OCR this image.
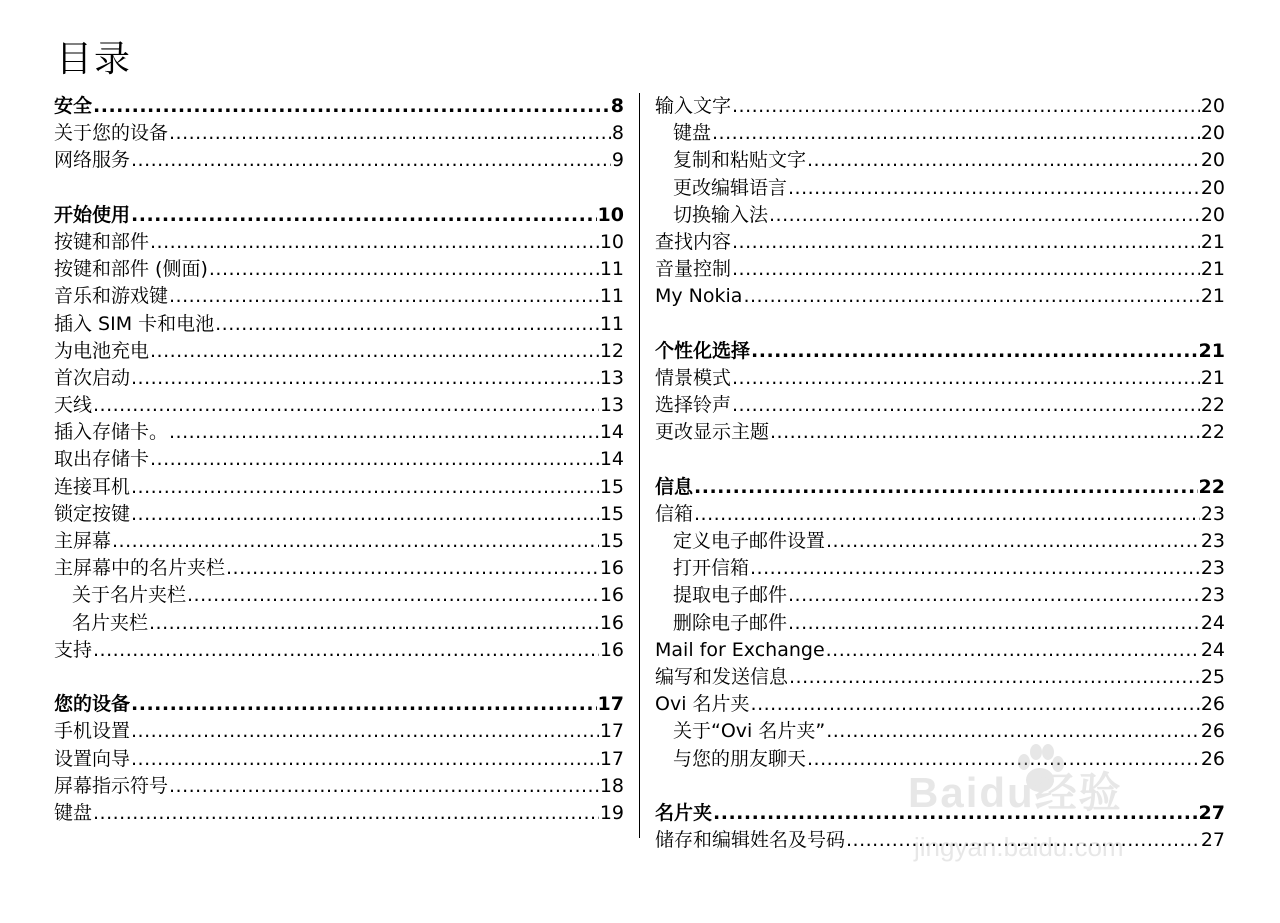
目录
安全 .....	8
关于您的设备 .....	8
网络服务 .....	9
开始使用 .....	10
按键和部件 .....	10
按键和部件 (侧面) .....	11
音乐和游戏键 .....	11
插入 SIM 卡和电池 .....	11
为电池充电 .....	12
首次启动 .....	13
天线 .....	13
插入存储卡。 .....	14
取出存储卡 .....	14
连接耳机 .....	15
锁定按键 .....	15
主屏幕 .....	15
主屏幕中的名片夹栏 .....	16
关于名片夹栏 .....	16
名片夹栏 .....	16
支持 .....	16
您的设备 .....	17
手机设置 .....	17
设置向导 .....	17
屏幕指示符号 .....	18
键盘 .....	19
输入文字 .....	20
键盘 .....	20
复制和粘贴文字 .....	20
更改编辑语言 .....	20
切换输入法 .....	20
查找内容 .....	21
音量控制 .....	21
My Nokia .....	21
个性化选择 .....	21
情景模式 .....	21
选择铃声 .....	22
更改显示主题 .....	22
信息 .....	22
信箱 .....	23
定义电子邮件设置 .....	23
打开信箱 .....	23
提取电子邮件 .....	23
删除电子邮件 .....	24
Mail for Exchange .....	24
编写和发送信息 .....	25
Ovi 名片夹 .....	26
关于“Ovi 名片夹” .....	26
与您的朋友聊天 .....	26
名片夹 .....	27
储存和编辑姓名及号码 .....	27
Baidu经验
jingyan.baidu.com
